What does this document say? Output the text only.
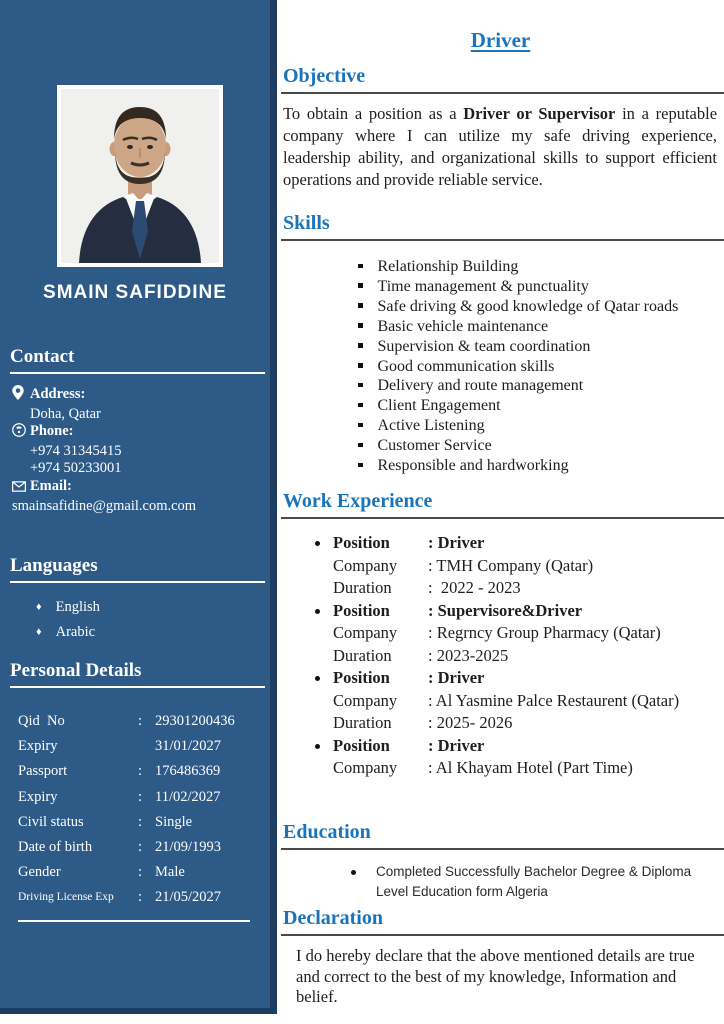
SMAIN SAFIDDINE
Contact
Address:
Doha, Qatar
Phone:
+974 31345415
+974 50233001
Email:
smainsafidine@gmail.com.com
Languages
♦ English
♦ Arabic
Personal Details
Qid  No	: 29301200436
Expiry	31/01/2027
Passport	: 176486369
Expiry	: 11/02/2027
Civil status	: Single
Date of birth	: 21/09/1993
Gender	: Male
Driving License Exp	: 21/05/2027
Driver
Objective

To obtain a position as a Driver or Supervisor in a reputable company where I can utilize my safe driving experience, leadership ability, and organizational skills to support efficient operations and provide reliable service.

Skills
Relationship Building
Time management & punctuality
Safe driving & good knowledge of Qatar roads
Basic vehicle maintenance
Supervision & team coordination
Good communication skills
Delivery and route management
Client Engagement
Active Listening
Customer Service
Responsible and hardworking
Work Experience
Position	: Driver
Company	: TMH Company (Qatar)
Duration	:  2022 - 2023
Position	: Supervisore&Driver
Company	: Regrncy Group Pharmacy (Qatar)
Duration	: 2023-2025
Position	: Driver
Company	: Al Yasmine Palce Restaurent (Qatar)
Duration	: 2025- 2026
Position	: Driver
Company	: Al Khayam Hotel (Part Time)
Education
Completed Successfully Bachelor Degree & Diploma Level Education form Algeria
Declaration

I do hereby declare that the above mentioned details are true and correct to the best of my knowledge, Information and belief.
